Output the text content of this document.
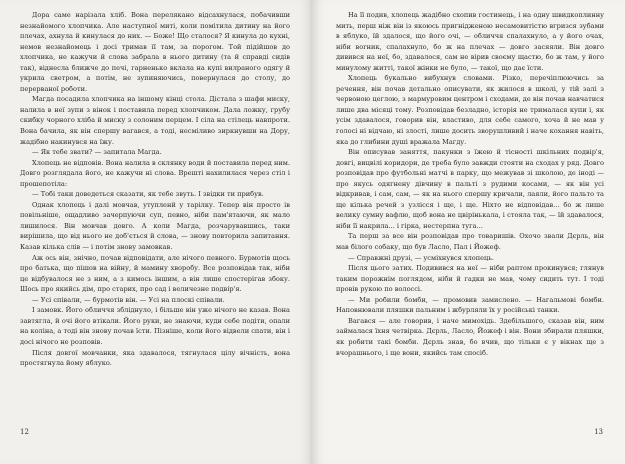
Дора саме нарізала хліб. Вона перелякано відсахнулася, побачивши незнайомого хлопчика. Але наступної миті, коли помітила дитину на його плечах, ахнула й кинулася до них. — Боже! Що сталося? Я кинула до кухні, немов незнайомець і досі тримав її там, за порогом. Той підійшов до хлопчика, не кажучи й слова забрала в нього дитину (та й справді сидів так), віднесла ближче до печі, гарненько вклала на купі вилраного одягу й укрила светром, а потім, не зупиняючись, повернулася до столу, до перерваної роботи.

Магда посадила хлопчика на іншому кінці стола. Дістала з шафи миску, налила в неї зупи з вінок і поставила перед хлопчиком. Дала ложку, грубу скибку чорного хліба й миску з солоним перцем. І сіла на стілець навпроти. Вона бачила, як він спершу вагався, а тоді, несміливо зиркнувши на Дору, жадібно накинувся на їжу.

— Як тебе звати? — запитала Магда.

Хлопець не відповів. Вона налила в склянку води й поставила перед ним. Довго розглядала його, не кажучи ні слова. Врешті нахилилася через стіл і прошепотіла:

— Тобі таки доведеться сказати, як тебе звуть. І звідки ти прибув.

Однак хлопець і далі мовчав, утупленй у тарілку. Тепер він просто ів повільніше, ощадливо зачерпуючи суп, певно, ніби пам'ятаючи, як мало лишилося. Він мовчав довго. А коли Магда, розчарувавшись, таки вирішила, що від нього не доб'ється й слова, — знову повторила запитання. Казав кілька слів — і потім знову замовкав.

Аж ось він, знічно, почав відповідати, але нічого певного. Бурмотів щось про батька, що пішов на війну, й мамину хворобу. Все розповідав так, ніби це відбувалося не з ним, а з кимось іншим, а він лише спостерігав збоку. Шось про якийсь дім, про старих, про сад і величезне подвір'я.

— Усі співали, — бурмотів він. — Усі на плоскі співали.

І замовк. Його обличчя збліднуло, і більше він уже нічого не казав. Вона завтягла, й очі його втікали. Його руки, не знаючи, куди себе подіти, опали на коліна, а тоді він знову почав їсти. Пізніше, коли його відвели спати, він і досі нічого не розповів.

Після довгої мовчанки, яка здавалося, тягнулася цілу вічність, вона простягнула йому яблуко.

12

На її подив, хлопець жадібно схопив гостинець, і на одну швидкоплинну мить, перш ніж він із якоюсь пригнідженою несамовитістю вгризся зубами в яблуко, їй здалося, що його очі, — обличчя спалахнуло, а у його очах, ніби вогник, спалахнуло, бо ж на плечах — довго засяяли. Він довго дивився на неї, бо, здавалося, сам не вірив своєму щастю, бо ж там, у його минулому житті, такої жінки не було, — такої, що дає їсти.

Хлопець букально вибухнув словами. Різко, перечіплюючись за речення, він почав детально описувати, як жилося в школі, у тій залі з червоною цеглою, з мармуровим центром і сходами, де він почав навчатися лише два місяці тому. Розповідав безладно, історія не трималася купи і, як усім здавалося, говорив він, властиво, для себе самого, хоча й не мав у голосі ні відчаю, ні злості, лише досить зворушливий і наче кохання навіть, яка до глибини душі вражала Магду.

Він описував заняття, пакунки з їжею й тісності шкільних подвір'я, довгі, вицвілі коридори, де треба було завжди стояти на сходах у ряд. Довго розповідав про футбольні матчі в парку, що межував зі школою, де іноді — про якусь одягнену дівчину в пальті з рудими косами, — як він усі відкривав, і сам, сам, — як на нього спершу кричали, лаяли, його пальто та ще кілька речей з узлісся і ще, і ще. Ніхто не відповідав... бо ж лише велику сумну вафлю, щоб вона не цвірінькала, і стояла так, — їй здавалося, ніби її накрила... і гірка, нестерпна туга...

Та перш за все він розповідав про товаришів. Охочо звали Дєрль, він мав білого собаку, що був Ласло, Пал і Йожеф.

— Справжні друзі, — усміхнувся хлопець.

Після цього затих. Подивився на неї — ніби раптом прокинувся; глянув таким порожнім поглядом, ніби й гадки не мав, чому сидить тут. І тоді провів рукою по волоссі.

— Ми робили бомби, — промовив замислено. — Нагальмові бомби. Наповнювали пляшки пальним і жбурляли їх у російські танки.

Вагався — але говорив, і наче мимохідь. Здебільшого, сказав він, ним займалася їхня четвірка. Дєрль, Ласло, Йожеф і він. Вони збирали пляшки, як робити такі бомби. Дєрль знав, бо вчив, що тільки є у вікнах ще з вчорашнього, і ще вони, якийсь там спосіб.

13
